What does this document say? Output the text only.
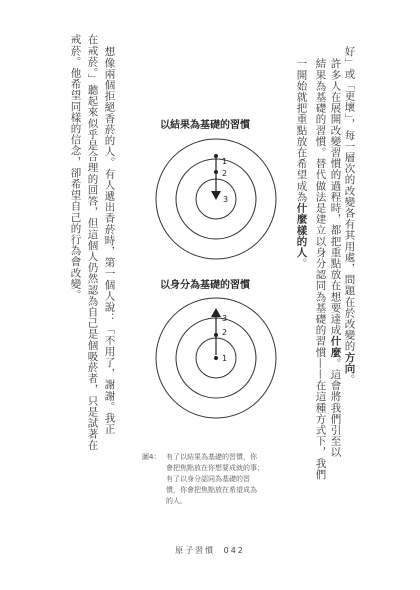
好」或「更壞」，每一層次的改變各有其用處，問題在於改變的方向。
許多人在展開改變習慣的過程時，都把重點放在想要達成什麼。這會將我們引至以
結果為基礎的習慣。替代做法是建立以身分認同為基礎的習慣——在這種方式下，我們
一開始就把重點放在希望成為什麼樣的人。
以結果為基礎的習慣
1
2
3
以身分為基礎的習慣
3
2
1
圖4： 有了以結果為基礎的習慣，你
會把焦點放在你想要成就的事；
有了以身分認同為基礎的習
慣，你會把焦點放在希望成為
的人。
想像兩個拒絕香菸的人。有人遞出香菸時，第一個人說：「不用了，謝謝。我正
在戒菸。」聽起來似乎是合理的回答，但這個人仍然認為自己是個吸菸者，只是試著在
戒菸。他希望同樣的信念，卻希望自己的行為會改變。
原子習慣 042
